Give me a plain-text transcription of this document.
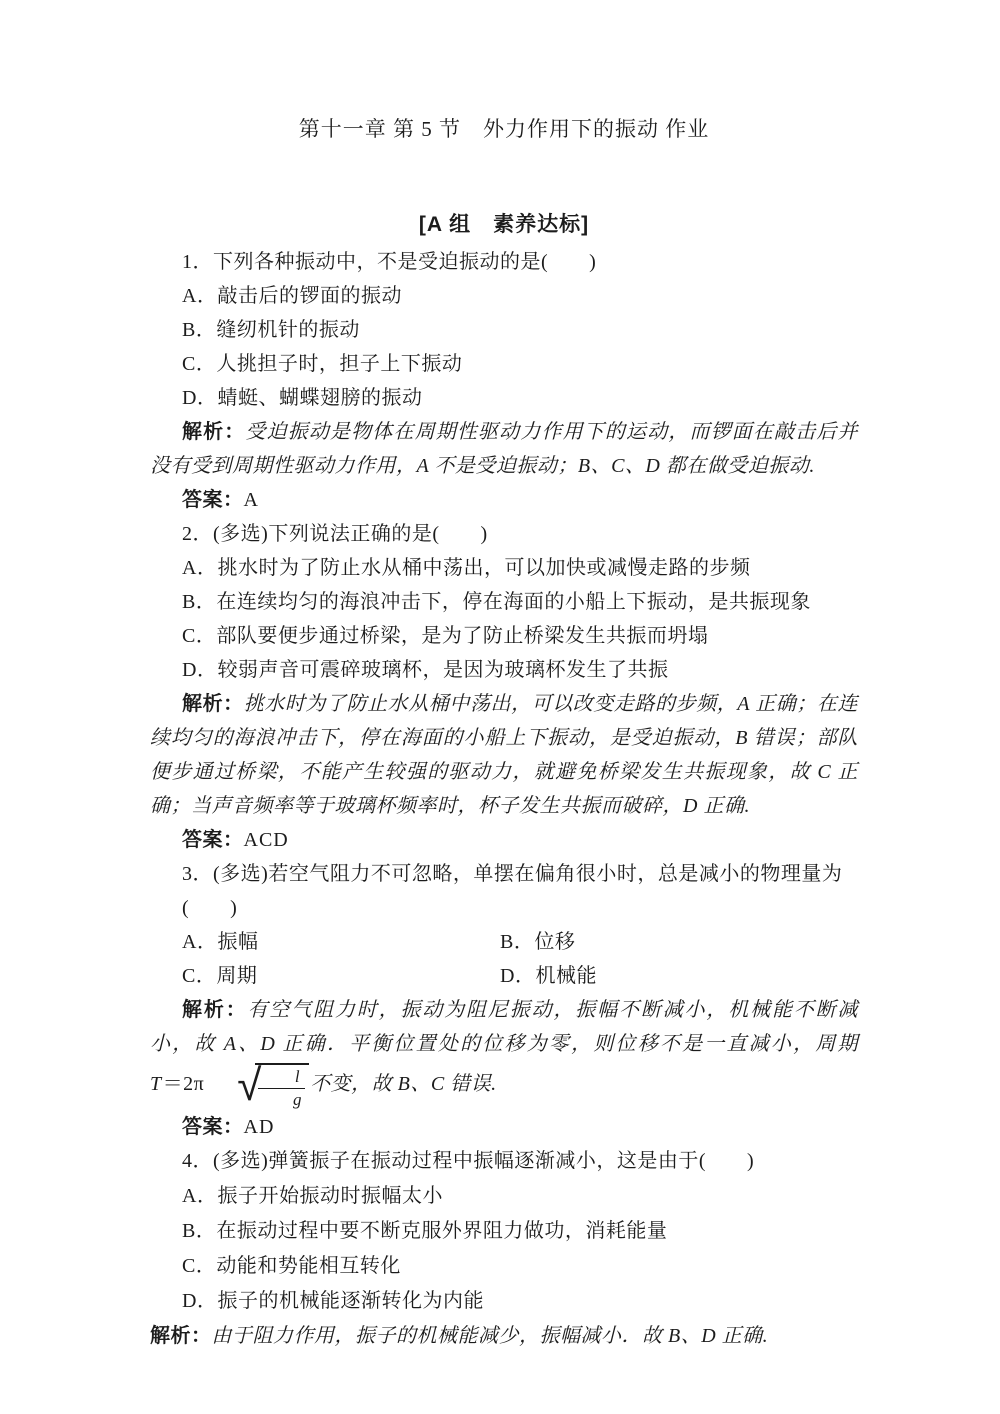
第十一章 第 5 节　外力作用下的振动 作业
[A 组　素养达标]

1．下列各种振动中，不是受迫振动的是(　　)

A．敲击后的锣面的振动

B．缝纫机针的振动

C．人挑担子时，担子上下振动

D．蜻蜓、蝴蝶翅膀的振动

解析：受迫振动是物体在周期性驱动力作用下的运动，而锣面在敲击后并没有受到周期性驱动力作用，A 不是受迫振动；B、C、D 都在做受迫振动.

答案：A

2．(多选)下列说法正确的是(　　)

A．挑水时为了防止水从桶中荡出，可以加快或减慢走路的步频

B．在连续均匀的海浪冲击下，停在海面的小船上下振动，是共振现象

C．部队要便步通过桥梁，是为了防止桥梁发生共振而坍塌

D．较弱声音可震碎玻璃杯，是因为玻璃杯发生了共振

解析：挑水时为了防止水从桶中荡出，可以改变走路的步频，A 正确；在连续均匀的海浪冲击下，停在海面的小船上下振动，是受迫振动，B 错误；部队便步通过桥梁，不能产生较强的驱动力，就避免桥梁发生共振现象，故 C 正确；当声音频率等于玻璃杯频率时，杯子发生共振而破碎，D 正确.

答案：ACD

3．(多选)若空气阻力不可忽略，单摆在偏角很小时，总是减小的物理量为(　　)

A．振幅	B．位移

C．周期	D．机械能

解析：有空气阻力时，振动为阻尼振动，振幅不断减小，机械能不断减小，故 A、D 正确．平衡位置处的位移为零，则位移不是一直减小，周期 T＝2π √
$\frac{l}{g}$ 不变，故 B、C 错误.

答案：AD

4．(多选)弹簧振子在振动过程中振幅逐渐减小，这是由于(　　)

A．振子开始振动时振幅太小

B．在振动过程中要不断克服外界阻力做功，消耗能量

C．动能和势能相互转化

D．振子的机械能逐渐转化为内能

解析：由于阻力作用，振子的机械能减少，振幅减小．故 B、D 正确.
